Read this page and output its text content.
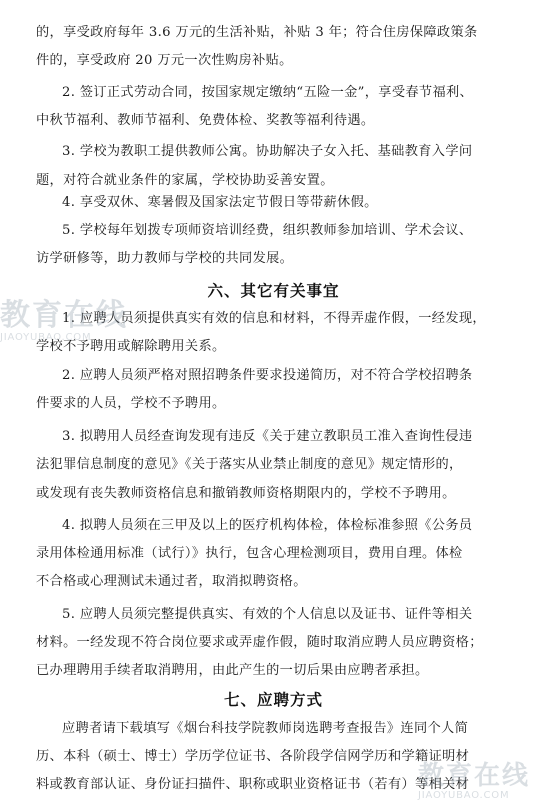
的，享受政府每年 3.6 万元的生活补贴，补贴 3 年；符合住房保障政策条
件的，享受政府 20 万元一次性购房补贴。
2. 签订正式劳动合同，按国家规定缴纳“五险一金”，享受春节福利、
中秋节福利、教师节福利、免费体检、奖教等福利待遇。
3. 学校为教职工提供教师公寓。协助解决子女入托、基础教育入学问
题，对符合就业条件的家属，学校协助妥善安置。
4. 享受双休、寒暑假及国家法定节假日等带薪休假。
5. 学校每年划拨专项师资培训经费，组织教师参加培训、学术会议、
访学研修等，助力教师与学校的共同发展。
六、其它有关事宜
1. 应聘人员须提供真实有效的信息和材料，不得弄虚作假，一经发现，
学校不予聘用或解除聘用关系。
2. 应聘人员须严格对照招聘条件要求投递简历，对不符合学校招聘条
件要求的人员，学校不予聘用。
3. 拟聘用人员经查询发现有违反《关于建立教职员工准入查询性侵违
法犯罪信息制度的意见》《关于落实从业禁止制度的意见》规定情形的，
或发现有丧失教师资格信息和撤销教师资格期限内的，学校不予聘用。
4. 拟聘人员须在三甲及以上的医疗机构体检，体检标准参照《公务员
录用体检通用标准（试行）》执行，包含心理检测项目，费用自理。体检
不合格或心理测试未通过者，取消拟聘资格。
5. 应聘人员须完整提供真实、有效的个人信息以及证书、证件等相关
材料。一经发现不符合岗位要求或弄虚作假，随时取消应聘人员应聘资格；
已办理聘用手续者取消聘用，由此产生的一切后果由应聘者承担。
七、应聘方式
应聘者请下载填写《烟台科技学院教师岗选聘考查报告》连同个人简
历、本科（硕士、博士）学历学位证书、各阶段学信网学历和学籍证明材
料或教育部认证、身份证扫描件、职称或职业资格证书（若有）等相关材
教育在线
JIAOYUBAO.COM
教育在线
JIAOYUBAO.COM
